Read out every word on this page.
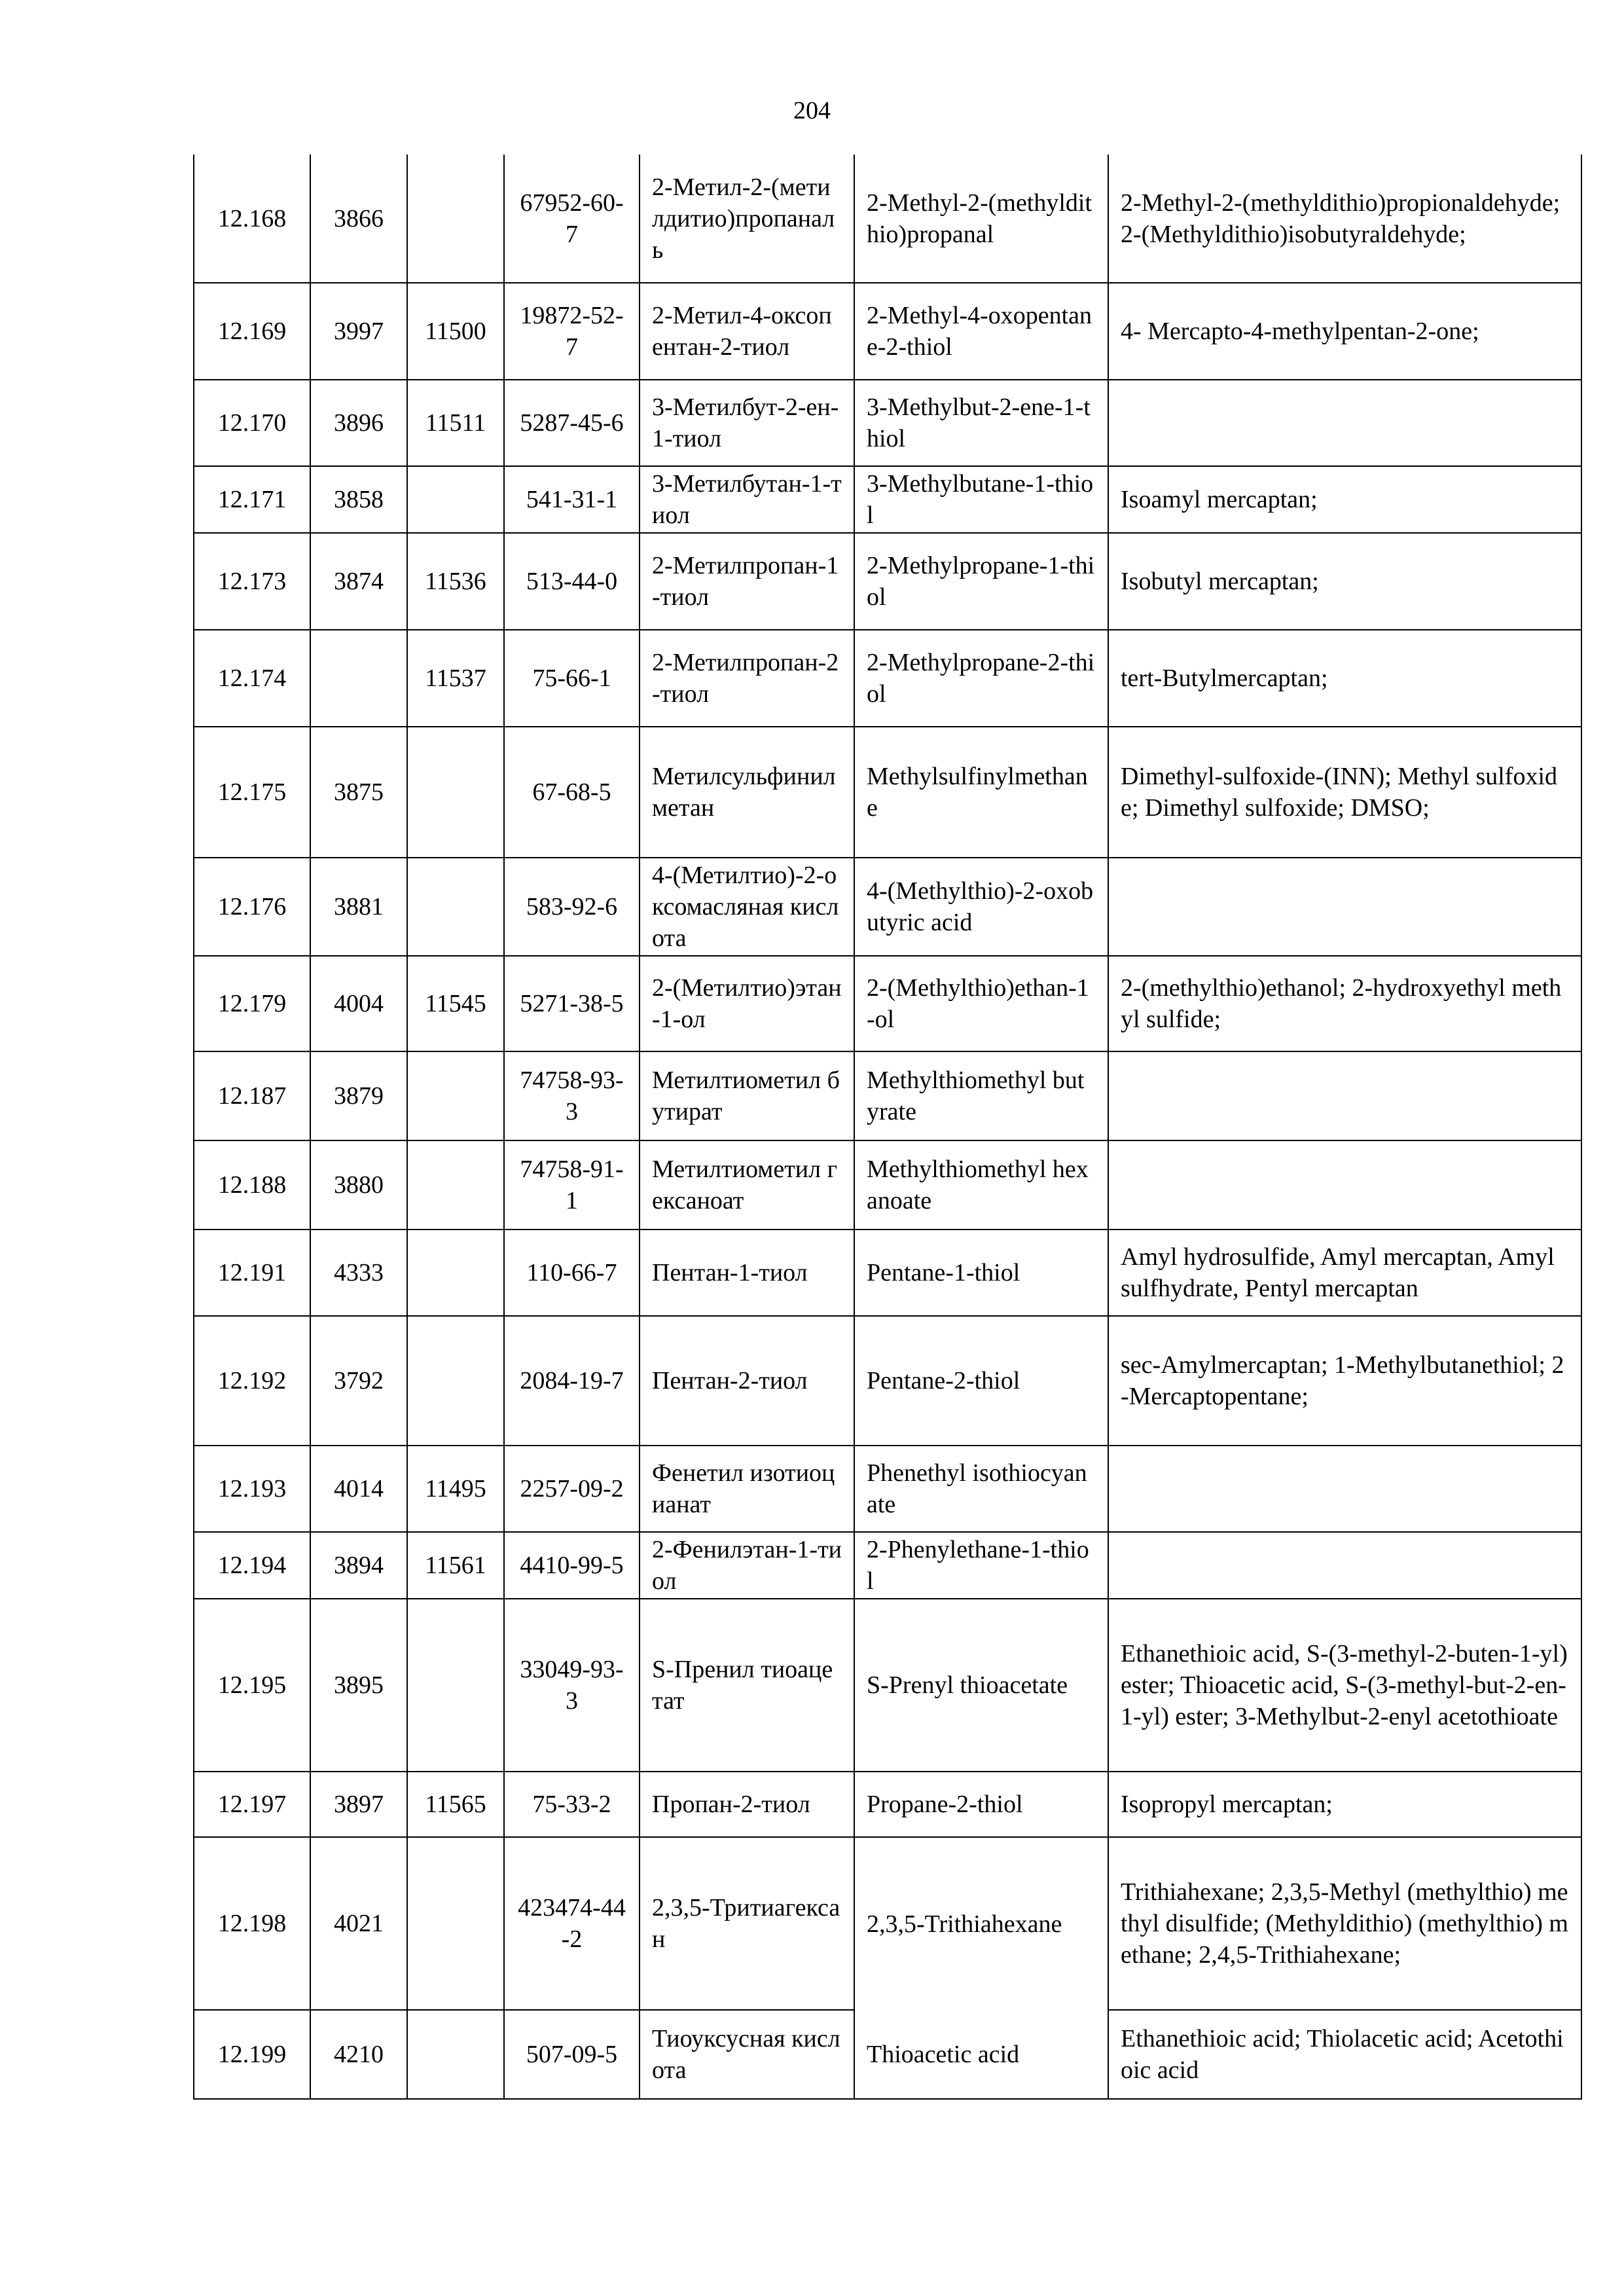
204
12.168	3866		67952-60-7	2-Метил-2-(метилдитио)пропаналь	2-Methyl-2-(methyldithio)propanal	2-Methyl-2-(methyldithio)propionaldehyde; 2-(Methyldithio)isobutyraldehyde;
12.169	3997	11500	19872-52-7	2-Метил-4-оксопентан-2-тиол	2-Methyl-4-oxopentane-2-thiol	4- Mercapto-4-methylpentan-2-one;
12.170	3896	11511	5287-45-6	3-Метилбут-2-ен-1-тиол	3-Methylbut-2-ene-1-thiol	
12.171	3858		541-31-1	3-Метилбутан-1-тиол	3-Methylbutane-1-thiol	Isoamyl mercaptan;
12.173	3874	11536	513-44-0	2-Метилпропан-1-тиол	2-Methylpropane-1-thiol	Isobutyl mercaptan;
12.174		11537	75-66-1	2-Метилпропан-2-тиол	2-Methylpropane-2-thiol	tert-Butylmercaptan;
12.175	3875		67-68-5	Метилсульфинилметан	Methylsulfinylmethane	Dimethyl-sulfoxide-(INN); Methyl sulfoxide; Dimethyl sulfoxide; DMSO;
12.176	3881		583-92-6	4-(Метилтио)-2-оксомасляная кислота	4-(Methylthio)-2-oxobutyric acid	
12.179	4004	11545	5271-38-5	2-(Метилтио)этан-1-ол	2-(Methylthio)ethan-1-ol	2-(methylthio)ethanol; 2-hydroxyethyl methyl sulfide;
12.187	3879		74758-93-3	Метилтиометил бутират	Methylthiomethyl butyrate	
12.188	3880		74758-91-1	Метилтиометил гексаноат	Methylthiomethyl hexanoate	
12.191	4333		110-66-7	Пентан-1-тиол	Pentane-1-thiol	Amyl hydrosulfide, Amyl mercaptan, Amyl sulfhydrate, Pentyl mercaptan
12.192	3792		2084-19-7	Пентан-2-тиол	Pentane-2-thiol	sec-Amylmercaptan; 1-Methylbutanethiol; 2-Mercaptopentane;
12.193	4014	11495	2257-09-2	Фенетил изотиоцианат	Phenethyl isothiocyanate	
12.194	3894	11561	4410-99-5	2-Фенилэтан-1-тиол	2-Phenylethane-1-thiol	
12.195	3895		33049-93-3	S-Пренил тиоацетат	S-Prenyl thioacetate	Ethanethioic acid, S-(3-methyl-2-buten-1-yl) ester; Thioacetic acid, S-(3-methyl-but-2-en-1-yl) ester; 3-Methylbut-2-enyl acetothioate
12.197	3897	11565	75-33-2	Пропан-2-тиол	Propane-2-thiol	Isopropyl mercaptan;
12.198	4021		423474-44-2	2,3,5-Тритиагексан	2,3,5-Trithiahexane	Trithiahexane; 2,3,5-Methyl (methylthio) methyl disulfide; (Methyldithio) (methylthio) methane; 2,4,5-Trithiahexane;
12.199	4210		507-09-5	Тиоуксусная кислота	Thioacetic acid	Ethanethioic acid; Thiolacetic acid; Acetothioic acid
